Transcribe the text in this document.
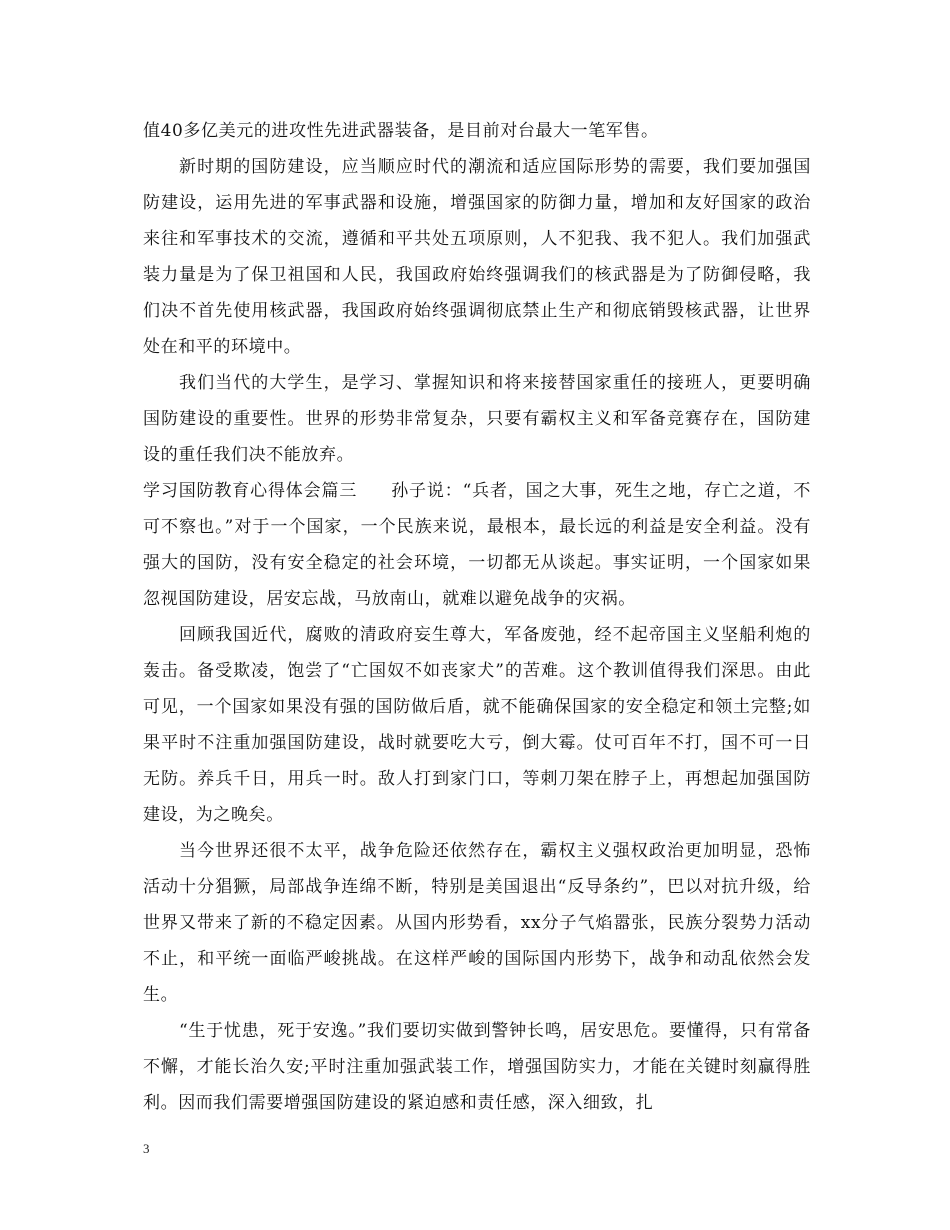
值40多亿美元的进攻性先进武器装备，是目前对台最大一笔军售。

新时期的国防建设，应当顺应时代的潮流和适应国际形势的需要，我们要加强国防建设，运用先进的军事武器和设施，增强国家的防御力量，增加和友好国家的政治来往和军事技术的交流，遵循和平共处五项原则，人不犯我、我不犯人。我们加强武装力量是为了保卫祖国和人民，我国政府始终强调我们的核武器是为了防御侵略，我们决不首先使用核武器，我国政府始终强调彻底禁止生产和彻底销毁核武器，让世界处在和平的环境中。

我们当代的大学生，是学习、掌握知识和将来接替国家重任的接班人，更要明确国防建设的重要性。世界的形势非常复杂，只要有霸权主义和军备竞赛存在，国防建设的重任我们决不能放弃。

学习国防教育心得体会篇三 孙子说：“兵者，国之大事，死生之地，存亡之道，不可不察也。”对于一个国家，一个民族来说，最根本，最长远的利益是安全利益。没有强大的国防，没有安全稳定的社会环境，一切都无从谈起。事实证明，一个国家如果忽视国防建设，居安忘战，马放南山，就难以避免战争的灾祸。

回顾我国近代，腐败的清政府妄生尊大，军备废弛，经不起帝国主义坚船利炮的轰击。备受欺凌，饱尝了“亡国奴不如丧家犬”的苦难。这个教训值得我们深思。由此可见，一个国家如果没有强的国防做后盾，就不能确保国家的安全稳定和领土完整;如果平时不注重加强国防建设，战时就要吃大亏，倒大霉。仗可百年不打，国不可一日无防。养兵千日，用兵一时。敌人打到家门口，等刺刀架在脖子上，再想起加强国防建设，为之晚矣。

当今世界还很不太平，战争危险还依然存在，霸权主义强权政治更加明显，恐怖活动十分猖獗，局部战争连绵不断，特别是美国退出“反导条约”，巴以对抗升级，给世界又带来了新的不稳定因素。从国内形势看，xx分子气焰嚣张，民族分裂势力活动不止，和平统一面临严峻挑战。在这样严峻的国际国内形势下，战争和动乱依然会发生。

“生于忧患，死于安逸。”我们要切实做到警钟长鸣，居安思危。要懂得，只有常备不懈，才能长治久安;平时注重加强武装工作，增强国防实力，才能在关键时刻赢得胜利。因而我们需要增强国防建设的紧迫感和责任感，深入细致，扎

3
